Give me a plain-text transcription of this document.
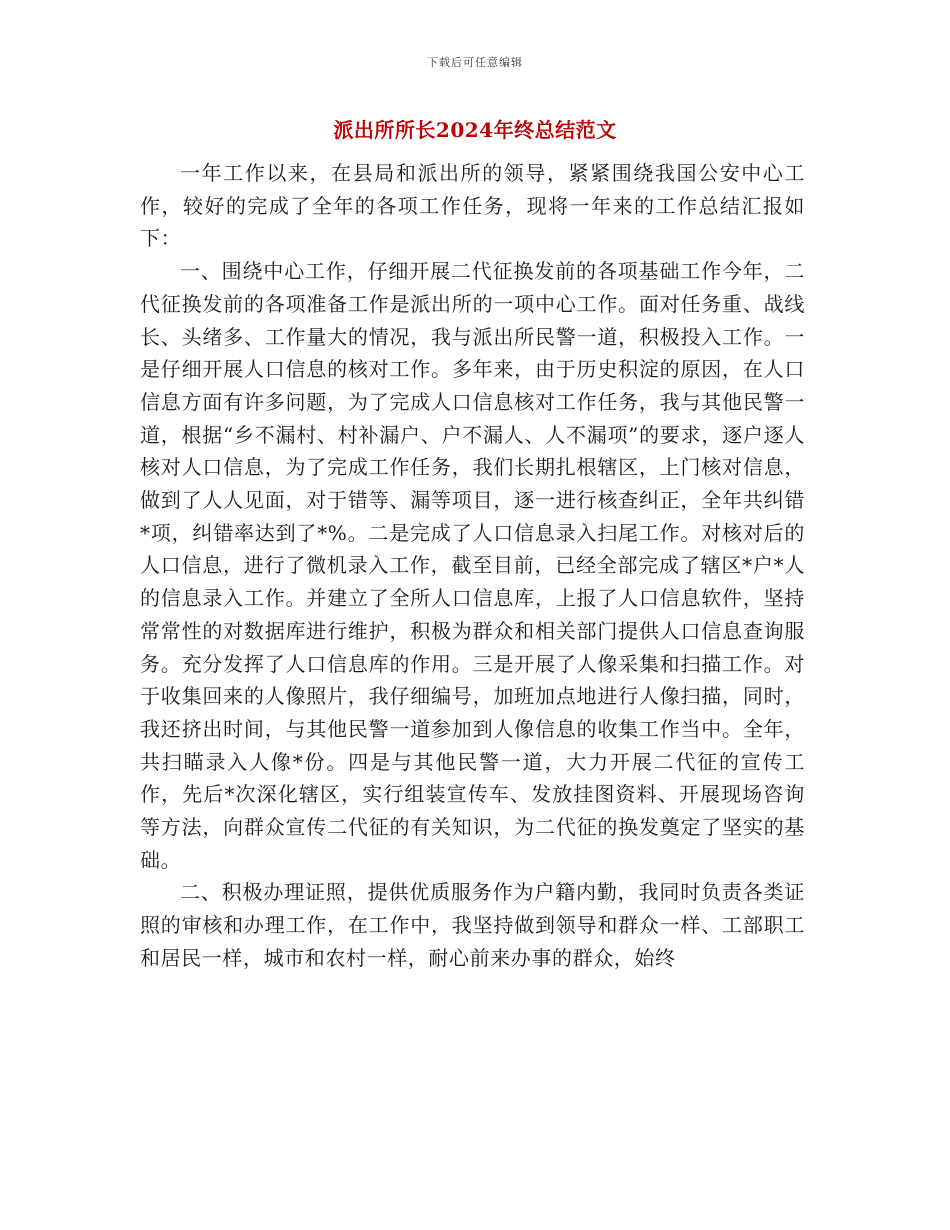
下载后可任意编辑
派出所所长2024年终总结范文

一年工作以来，在县局和派出所的领导，紧紧围绕我国公安中心工作，较好的完成了全年的各项工作任务，现将一年来的工作总结汇报如下：

一、围绕中心工作，仔细开展二代征换发前的各项基础工作今年，二代征换发前的各项准备工作是派出所的一项中心工作。面对任务重、战线长、头绪多、工作量大的情况，我与派出所民警一道，积极投入工作。一是仔细开展人口信息的核对工作。多年来，由于历史积淀的原因，在人口信息方面有许多问题，为了完成人口信息核对工作任务，我与其他民警一道，根据“乡不漏村、村补漏户、户不漏人、人不漏项”的要求，逐户逐人核对人口信息，为了完成工作任务，我们长期扎根辖区，上门核对信息，做到了人人见面，对于错等、漏等项目，逐一进行核查纠正，全年共纠错*项，纠错率达到了*%。二是完成了人口信息录入扫尾工作。对核对后的人口信息，进行了微机录入工作，截至目前，已经全部完成了辖区*户*人的信息录入工作。并建立了全所人口信息库，上报了人口信息软件，坚持常常性的对数据库进行维护，积极为群众和相关部门提供人口信息查询服务。充分发挥了人口信息库的作用。三是开展了人像采集和扫描工作。对于收集回来的人像照片，我仔细编号，加班加点地进行人像扫描，同时，我还挤出时间，与其他民警一道参加到人像信息的收集工作当中。全年，共扫瞄录入人像*份。四是与其他民警一道，大力开展二代征的宣传工作，先后*次深化辖区，实行组装宣传车、发放挂图资料、开展现场咨询等方法，向群众宣传二代征的有关知识，为二代征的换发奠定了坚实的基础。

二、积极办理证照，提供优质服务作为户籍内勤，我同时负责各类证照的审核和办理工作，在工作中，我坚持做到领导和群众一样、工部职工和居民一样，城市和农村一样，耐心前来办事的群众，始终
